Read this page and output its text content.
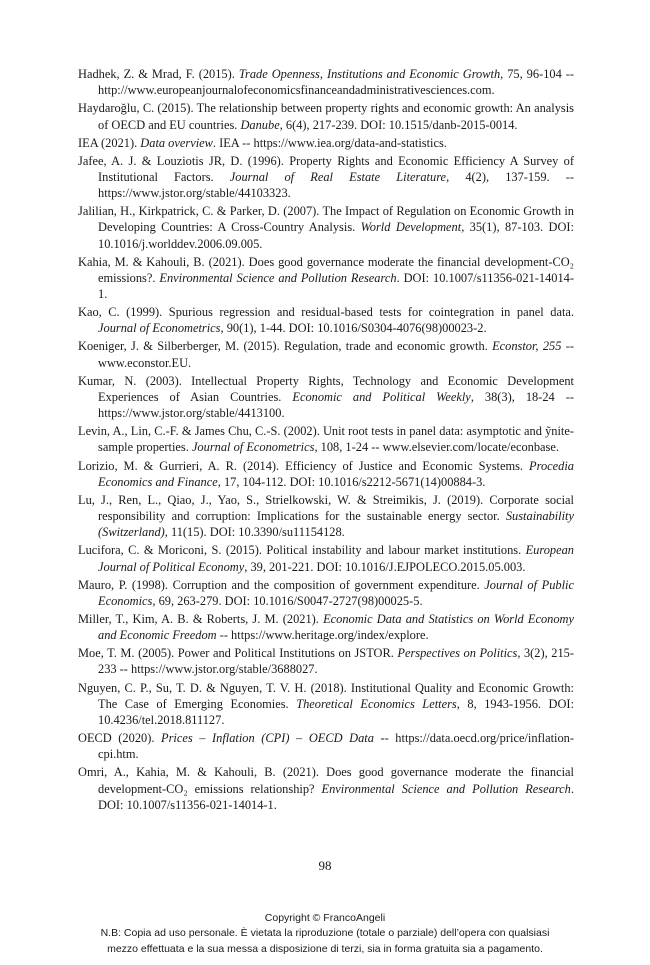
Hadhek, Z. & Mrad, F. (2015). Trade Openness, Institutions and Economic Growth, 75, 96-104 -- http://www.europeanjournalofeconomicsfinanceandadministrativesciences.com.

Haydaroğlu, C. (2015). The relationship between property rights and economic growth: An analysis of OECD and EU countries. Danube, 6(4), 217-239. DOI: 10.1515/danb-2015-0014.

IEA (2021). Data overview. IEA -- https://www.iea.org/data-and-statistics.

Jafee, A. J. & Louziotis JR, D. (1996). Property Rights and Economic Efficiency A Survey of Institutional Factors. Journal of Real Estate Literature, 4(2), 137-159. -- https://www.jstor.org/stable/44103323.

Jalilian, H., Kirkpatrick, C. & Parker, D. (2007). The Impact of Regulation on Economic Growth in Developing Countries: A Cross-Country Analysis. World Development, 35(1), 87-103. DOI: 10.1016/j.worlddev.2006.09.005.

Kahia, M. & Kahouli, B. (2021). Does good governance moderate the financial development-CO₂ emissions?. Environmental Science and Pollution Research. DOI: 10.1007/s11356-021-14014-1.

Kao, C. (1999). Spurious regression and residual-based tests for cointegration in panel data. Journal of Econometrics, 90(1), 1-44. DOI: 10.1016/S0304-4076(98)00023-2.

Koeniger, J. & Silberberger, M. (2015). Regulation, trade and economic growth. Econstor, 255 -- www.econstor.EU.

Kumar, N. (2003). Intellectual Property Rights, Technology and Economic Development Experiences of Asian Countries. Economic and Political Weekly, 38(3), 18-24 -- https://www.jstor.org/stable/4413100.

Levin, A., Lin, C.-F. & James Chu, C.-S. (2002). Unit root tests in panel data: asymptotic and ỹnite-sample properties. Journal of Econometrics, 108, 1-24 -- www.elsevier.com/locate/econbase.

Lorizio, M. & Gurrieri, A. R. (2014). Efficiency of Justice and Economic Systems. Procedia Economics and Finance, 17, 104-112. DOI: 10.1016/s2212-5671(14)00884-3.

Lu, J., Ren, L., Qiao, J., Yao, S., Strielkowski, W. & Streimikis, J. (2019). Corporate social responsibility and corruption: Implications for the sustainable energy sector. Sustainability (Switzerland), 11(15). DOI: 10.3390/su11154128.

Lucifora, C. & Moriconi, S. (2015). Political instability and labour market institutions. European Journal of Political Economy, 39, 201-221. DOI: 10.1016/J.EJPOLECO.2015.05.003.

Mauro, P. (1998). Corruption and the composition of government expenditure. Journal of Public Economics, 69, 263-279. DOI: 10.1016/S0047-2727(98)00025-5.

Miller, T., Kim, A. B. & Roberts, J. M. (2021). Economic Data and Statistics on World Economy and Economic Freedom -- https://www.heritage.org/index/explore.

Moe, T. M. (2005). Power and Political Institutions on JSTOR. Perspectives on Politics, 3(2), 215-233 -- https://www.jstor.org/stable/3688027.

Nguyen, C. P., Su, T. D. & Nguyen, T. V. H. (2018). Institutional Quality and Economic Growth: The Case of Emerging Economies. Theoretical Economics Letters, 8, 1943-1956. DOI: 10.4236/tel.2018.811127.

OECD (2020). Prices – Inflation (CPI) – OECD Data -- https://data.oecd.org/price/inflation-cpi.htm.

Omri, A., Kahia, M. & Kahouli, B. (2021). Does good governance moderate the financial development-CO₂ emissions relationship? Environmental Science and Pollution Research. DOI: 10.1007/s11356-021-14014-1.

98
Copyright © FrancoAngeli
N.B: Copia ad uso personale. È vietata la riproduzione (totale o parziale) dell’opera con qualsiasi
mezzo effettuata e la sua messa a disposizione di terzi, sia in forma gratuita sia a pagamento.
